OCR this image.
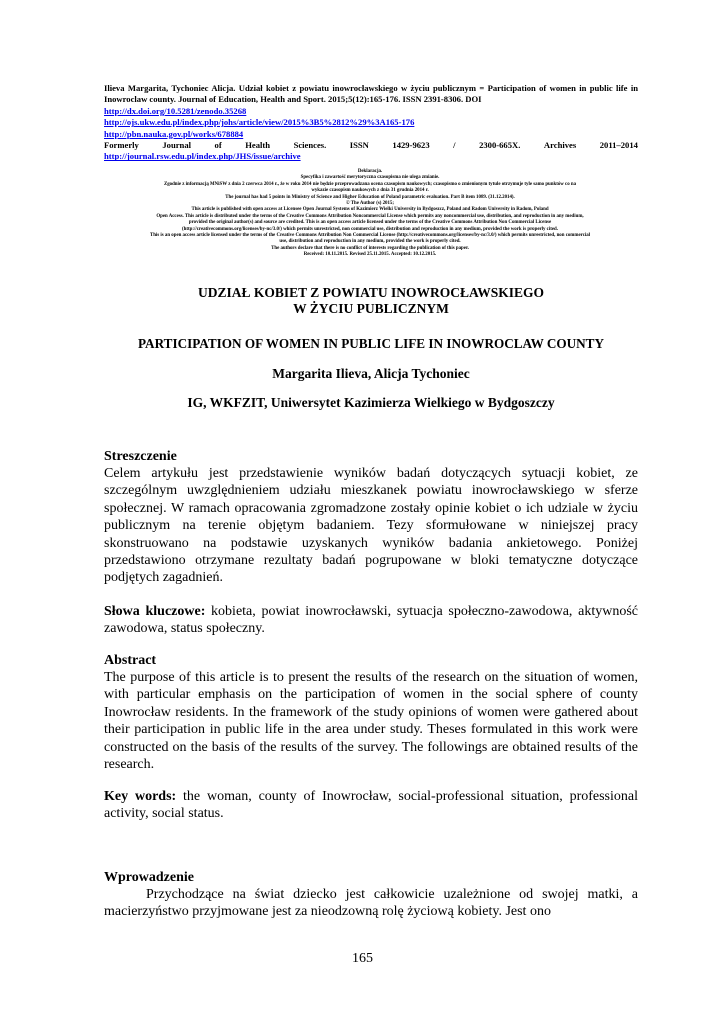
Ilieva Margarita, Tychoniec Alicja. Udział kobiet z powiatu inowrocławskiego w życiu publicznym = Participation of women in public life in Inowroclaw county. Journal of Education, Health and Sport. 2015;5(12):165-176. ISSN 2391-8306. DOI
http://dx.doi.org/10.5281/zenodo.35268
http://ojs.ukw.edu.pl/index.php/johs/article/view/2015%3B5%2812%29%3A165-176
http://pbn.nauka.gov.pl/works/678884
Formerly	Journal	of	Health	Sciences.	ISSN	1429-9623	/	2300-665X.	Archives	2011–2014
http://journal.rsw.edu.pl/index.php/JHS/issue/archive
Deklaracja.
Specyfika i zawartość merytoryczna czasopisma nie ulega zmianie.
Zgodnie z informacją MNiSW z dnia 2 czerwca 2014 r., że w roku 2014 nie będzie przeprowadzana ocena czasopism naukowych; czasopismo o zmienionym tytule otrzymuje tyle samo punktów co na
wykazie czasopism naukowych z dnia 31 grudnia 2014 r.
The journal has had 5 points in Ministry of Science and Higher Education of Poland parametric evaluation. Part B item 1089. (31.12.2014).
© The Author (s) 2015;
This article is published with open access at Licensee Open Journal Systems of Kazimierz Wielki University in Bydgoszcz, Poland and Radom University in Radom, Poland
Open Access. This article is distributed under the terms of the Creative Commons Attribution Noncommercial License which permits any noncommercial use, distribution, and reproduction in any medium,
provided the original author(s) and source are credited. This is an open access article licensed under the terms of the Creative Commons Attribution Non Commercial License
(http://creativecommons.org/licenses/by-nc/3.0/) which permits unrestricted, non commercial use, distribution and reproduction in any medium, provided the work is properly cited.
This is an open access article licensed under the terms of the Creative Commons Attribution Non Commercial License (http://creativecommons.org/licenses/by-nc/3.0/) which permits unrestricted, non commercial
use, distribution and reproduction in any medium, provided the work is properly cited.
The authors declare that there is no conflict of interests regarding the publication of this paper.
Received: 10.11.2015. Revised 25.11.2015. Accepted: 10.12.2015.
UDZIAŁ KOBIET Z POWIATU INOWROCŁAWSKIEGO
W ŻYCIU PUBLICZNYM
PARTICIPATION OF WOMEN IN PUBLIC LIFE IN INOWROCLAW COUNTY
Margarita Ilieva, Alicja Tychoniec
IG, WKFZIT, Uniwersytet Kazimierza Wielkiego w Bydgoszczy
Streszczenie
Celem artykułu jest przedstawienie wyników badań dotyczących sytuacji kobiet, ze szczególnym uwzględnieniem udziału mieszkanek powiatu inowrocławskiego w sferze społecznej. W ramach opracowania zgromadzone zostały opinie kobiet o ich udziale w życiu publicznym na terenie objętym badaniem. Tezy sformułowane w niniejszej pracy skonstruowano na podstawie uzyskanych wyników badania ankietowego. Poniżej przedstawiono otrzymane rezultaty badań pogrupowane w bloki tematyczne dotyczące podjętych zagadnień.
Słowa kluczowe: kobieta, powiat inowrocławski, sytuacja społeczno-zawodowa, aktywność zawodowa, status społeczny.
Abstract
The purpose of this article is to present the results of the research on the situation of women, with particular emphasis on the participation of women in the social sphere of county Inowrocław residents. In the framework of the study opinions of women were gathered about their participation in public life in the area under study. Theses formulated in this work were constructed on the basis of the results of the survey. The followings are obtained results of the research.
Key words: the woman, county of Inowrocław, social-professional situation, professional activity, social status.
Wprowadzenie
Przychodzące na świat dziecko jest całkowicie uzależnione od swojej matki, a macierzyństwo przyjmowane jest za nieodzowną rolę życiową kobiety. Jest ono
165
